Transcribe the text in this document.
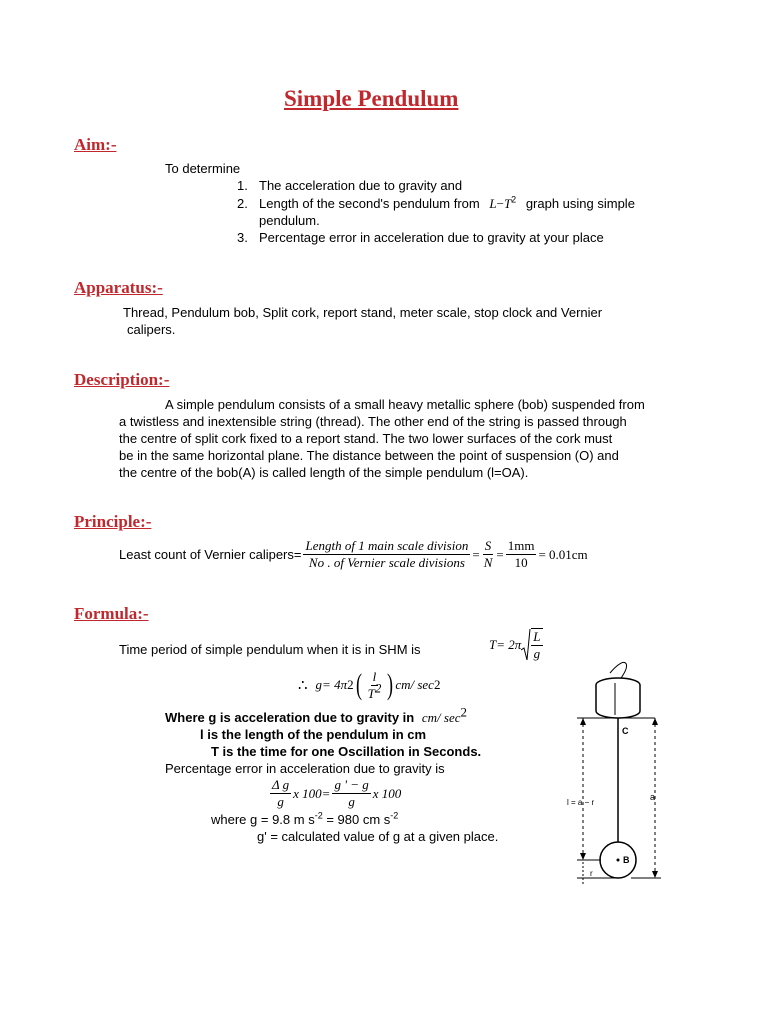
Simple Pendulum
Aim:-
To determine
1. The acceleration due to gravity and
2. Length of the second's pendulum from $L-T^2$ graph using simple
pendulum.
3. Percentage error in acceleration due to gravity at your place
Apparatus:-
Thread, Pendulum bob, Split cork, report stand, meter scale, stop clock and Vernier
calipers.
Description:-
A simple pendulum consists of a small heavy metallic sphere (bob) suspended from
a twistless and inextensible string (thread). The other end of the string is passed through
the centre of split cork fixed to a report stand. The two lower surfaces of the cork must
be in the same horizontal plane. The distance between the point of suspension (O) and
the centre of the bob(A) is called length of the simple pendulum (l=OA).
Principle:-
Least count of Vernier calipers= $\frac{\text{Length of 1 main scale division}}{\text{No . of Vernier scale divisions}} = \frac{S}{N} = \frac{1mm}{10} = 0.01cm$
Formula:-
Time period of simple pendulum when it is in SHM is	$T= 2\pi \frac{L}{g}$
∴ g= 4π 2 ( $\frac{l}{T^2}$ ) cm/ sec 2
Where g is acceleration due to gravity in cm/ $\sec^2$
l is the length of the pendulum in cm
T is the time for one Oscillation in Seconds.
Percentage error in acceleration due to gravity is
$\frac{\text{Δ g}}{g}$ x $100= \frac{g ' - g}{g}$ x 100
where g = 9.8 m $s^{-2} = 980$ cm $s^{-2}$
g' = calculated value of g at a given place.
C
B
a
l = a − r
r
